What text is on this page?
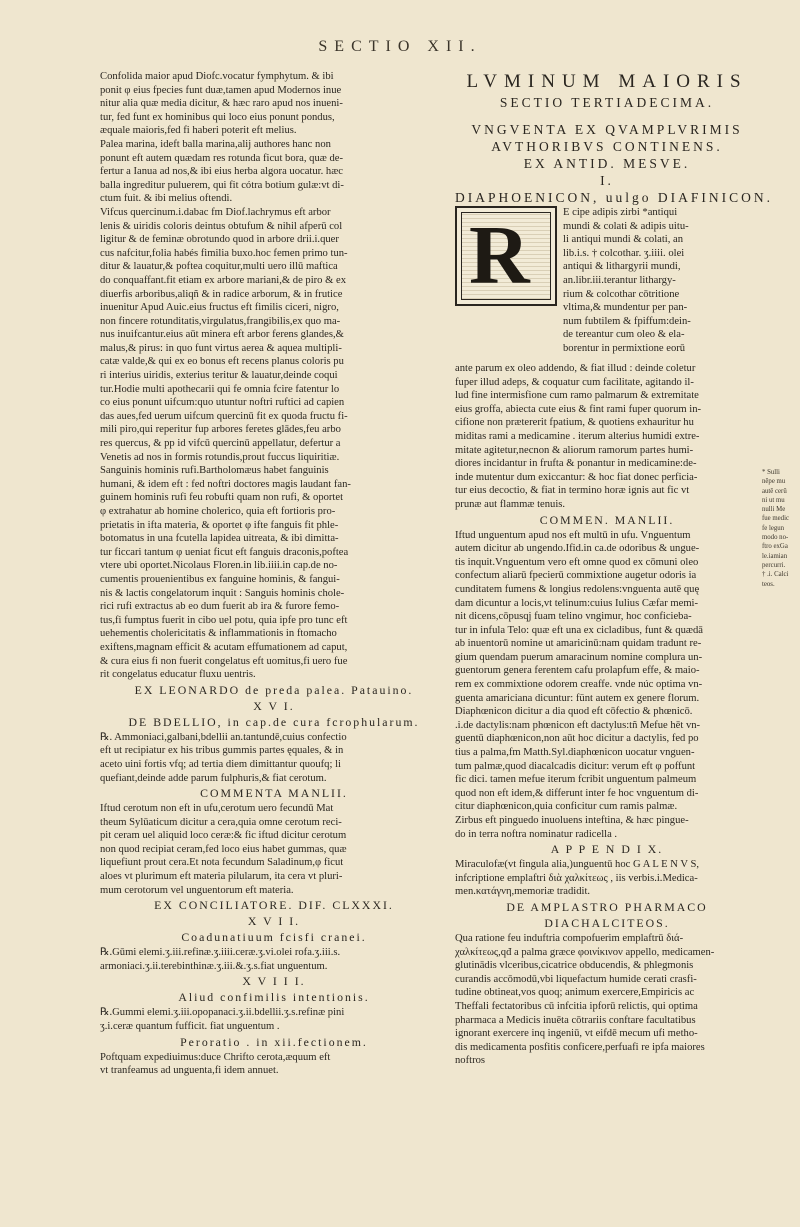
SECTIO XII.
Confolida maior apud Diofc.vocatur fymphytum. & ibi
ponit φ eius fpecies funt duæ,tamen apud Modernos inue
nitur alia quæ media dicitur, & hæc raro apud nos inueni-
tur, fed funt ex hominibus qui loco eius ponunt pondus,
æquale maioris,fed fi haberi poterit eft melius.
Palea marina, ideft balla marina,alij authores hanc non
ponunt eft autem quædam res rotunda ficut bora, quæ de-
fertur a Ianua ad nos,& ibi eius herba algora uocatur. hæc
balla ingreditur puluerem, qui fit cótra botium gulæ:vt di-
ctum fuit. & ibi melius oftendi.
Vifcus quercinum.i.dabac fm Diof.lachrymus eft arbor
lenis & uiridis coloris deintus obtufum & nihil afperū col
ligitur & de feminæ obrotundo quod in arbore drii.i.quer
cus nafcitur,folia habés fimilia buxo.hoc femen primo tun-
ditur & lauatur,& poftea coquitur,multi uero illū maftica
do conquaffant.fit etiam ex arbore mariani,& de piro & ex
diuerfis arboribus,aliqñ & in radice arborum, & in frutice
inuenitur Apud Auic.eius fructus eft fimilis ciceri, nigro,
non fincere rotunditatis,virgulatus,frangibilis,ex quo ma-
nus inuifcantur.eius aūt minera eft arbor ferens glandes,&
malus,& pirus: in quo funt virtus aerea & aquea multipli-
catæ valde,& qui ex eo bonus eft recens planus coloris pu
ri interius uiridis, exterius teritur & lauatur,deinde coqui
tur.Hodie multi apothecarii qui fe omnia fcire fatentur lo
co eius ponunt uifcum:quo utuntur noftri ruftici ad capien
das aues,fed uerum uifcum quercinū fit ex quoda fructu fi-
mili piro,qui reperitur fup arbores feretes glādes,feu arbo
res quercus, & pp id vifcū quercinū appellatur, defertur a
Venetis ad nos in formis rotundis,prout fuccus liquiritiæ.
Sanguinis hominis rufi.Bartholomæus habet fanguinis
humani, & idem eft : fed noftri doctores magis laudant fan-
guinem hominis rufi feu robufti quam non rufi, & oportet
φ extrahatur ab homine cholerico, quia eft fortioris pro-
prietatis in ifta materia, & oportet φ ifte fanguis fit phle-
botomatus in una fcutella lapidea uitreata, & ibi dimitta-
tur ficcari tantum φ ueniat ficut eft fanguis draconis,poftea
vtere ubi oportet.Nicolaus Floren.in lib.iiii.in cap.de no-
cumentis prouenientibus ex fanguine hominis, & fangui-
nis & lactis congelatorum inquit : Sanguis hominis chole-
rici rufi extractus ab eo dum fuerit ab ira & furore femo-
tus,fi fumptus fuerit in cibo uel potu, quia ipfe pro tunc eft
uehementis cholericitatis & inflammationis in ftomacho
exiftens,magnam efficit & acutam effumationem ad caput,
& cura eius fi non fuerit congelatus eft uomitus,fi uero fue
rit congelatus educatur fluxu uentris.
EX LEONARDO de preda palea. Patauino.
X V I.
DE BDELLIO, in cap.de cura fcrophularum.
℞. Ammoniaci,galbani,bdellii an.tantundē,cuius confectio
eft ut recipiatur ex his tribus gummis partes ęquales, & in
aceto uini fortis vfq; ad tertia diem dimittantur quoufq; li
quefiant,deinde adde parum fulphuris,& fiat cerotum.
COMMENTA MANLII.
Iftud cerotum non eft in ufu,cerotum uero fecundū Mat
theum Sylūaticum dicitur a cera,quia omne cerotum reci-
pit ceram uel aliquid loco ceræ:& fic iftud dicitur cerotum
non quod recipiat ceram,fed loco eius habet gummas, quæ
liquefiunt prout cera.Et nota fecundum Saladinum,φ ficut
aloes vt plurimum eft materia pilularum, ita cera vt pluri-
mum cerotorum vel unguentorum eft materia.
EX CONCILIATORE. DIF. CLXXXI.
X V I I.
Coadunatiuum fcisfi cranei.
℞.Gūmi elemi.ʒ.iii.refinæ.ʒ.iiii.ceræ.ʒ.vi.olei rofa.ʒ.iii.s.
armoniaci.ʒ.ii.terebinthinæ.ʒ.iii.&.ʒ.s.fiat unguentum.
X V I I I.
Aliud confimilis intentionis.
℞.Gummi elemi.ʒ.iii.opopanaci.ʒ.ii.bdellii.ʒ.s.refinæ pini
ʒ.i.ceræ quantum fufficit. fiat unguentum .
Peroratio . in xii.fectionem.
Poftquam expediuimus:duce Chrifto cerota,æquum eft
vt tranfeamus ad unguenta,fi idem annuet.
LVMINUM MAIORIS
SECTIO TERTIADECIMA.
VNGVENTA EX QVAMPLVRIMIS
AVTHORIBVS CONTINENS.
EX ANTID. MESVE.
I.
DIAPHOENICON, uulgo DIAFINICON.
R	E cipe adipis zirbi *antiqui
mundi & colati & adipis uitu-
li antiqui mundi & colati, an
lib.i.s. † colcothar. ʒ.iiii. olei
antiqui & lithargyrii mundi,
an.libr.iii.terantur lithargy-
rium & colcothar cōtritione
vltima,& mundentur per pan-
num fubtilem & fpiffum:dein-
de tereantur cum oleo & ela-
borentur in permixtione eorū
ante parum ex oleo addendo, & fiat illud : deinde coletur
fuper illud adeps, & coquatur cum facilitate, agitando il-
lud fine intermisfione cum ramo palmarum & extremitate
eius groffa, abiecta cute eius & fint rami fuper quorum in-
cifione non prætererit fpatium, & quotiens exhauritur hu
miditas rami a medicamine . iterum alterius humidi extre-
mitate agitetur,necnon & aliorum ramorum partes humi-
diores incidantur in frufta & ponantur in medicamine:de-
inde mutentur dum exiccantur: & hoc fiat donec perficia-
tur eius decoctio, & fiat in termino horæ ignis aut fic vt
prunæ aut flammæ tenuis.
COMMEN. MANLII.
Iftud unguentum apud nos eft multū in ufu. Vnguentum
autem dicitur ab ungendo.Ifid.in ca.de odoribus & ungue-
tis inquit.Vnguentum vero eft omne quod ex cōmuni oleo
confectum aliarū fpecierū commixtione augetur odoris ia
cunditatem fumens & longius redolens:vnguenta autē quę
dam dicuntur a locis,vt telinum:cuius Iulius Cæfar memi-
nit dicens,cōpusqj fuam telino vngimur, hoc conficieba-
tur in infula Telo: quæ eft una ex cicladibus, funt & quædā
ab inuentorū nomine ut amaricinū:nam quidam tradunt re-
gium quendam puerum amaracinum nomine complura un-
guentorum genera ferentem cafu prolapfum effe, & maio-
rem ex commixtione odorem creaffe. vnde núc optima vn-
guenta amariciana dicuntur: fünt autem ex genere florum.
Diaphœnicon dicitur a dia quod eft cōfectio & phœnicō.
.i.de dactylis:nam phœnicon eft dactylus:tñ Mefue hēt vn-
guentū diaphœnicon,non aūt hoc dicitur a dactylis, fed po
tius a palma,fm Matth.Syl.diaphœnicon uocatur vnguen-
tum palmæ,quod diacalcadis dicitur: verum eft φ poffunt
fic dici. tamen mefue iterum fcribit unguentum palmeum
quod non eft idem,& differunt inter fe hoc vnguentum di-
citur diaphœnicon,quia conficitur cum ramis palmæ.
Zirbus eft pinguedo inuoluens inteftina, & hæc pingue-
do in terra noftra nominatur radicella .
A P P E N D I X.
Miraculofæ(vt fingula alia,)unguentū hoc G A L E N V S,
infcriptione emplaftri διὰ χαλκίτεως , iis verbis.i.Medica-
men.κατάγνη,memoriæ tradidit.
DE AMPLASTRO PHARMACO
DIACHALCITEOS.
Qua ratione feu induftria compofuerim emplaftrū διά-
χαλκίτεως,qđ a palma græce φοινίκινον appello, medicamen-
glutinādis vlceribus,cicatrice obducendis, & phlegmonis
curandis accōmodū,vbi liquefactum humide cerati crasfi-
tudine obtineat,vos quoq; animum exercere,Empiricis ac
Theffali fectatoribus cū infcitia ipforū relictis, qui optima
pharmaca a Medicis inuēta cōtrariis conftare facultatibus
ignorant exercere inq ingeniū, vt eifdē mecum ufi metho-
dis medicamenta posfitis conficere,perfuafi re ipfa maiores
noftros
* Sulli
nēpe mu
autē cerū
ni ut mu
nulli Me
fue medic
fe legun
modo no-
ftro exGa
le.iamian
percurri.
† .i. Calci
teos.
